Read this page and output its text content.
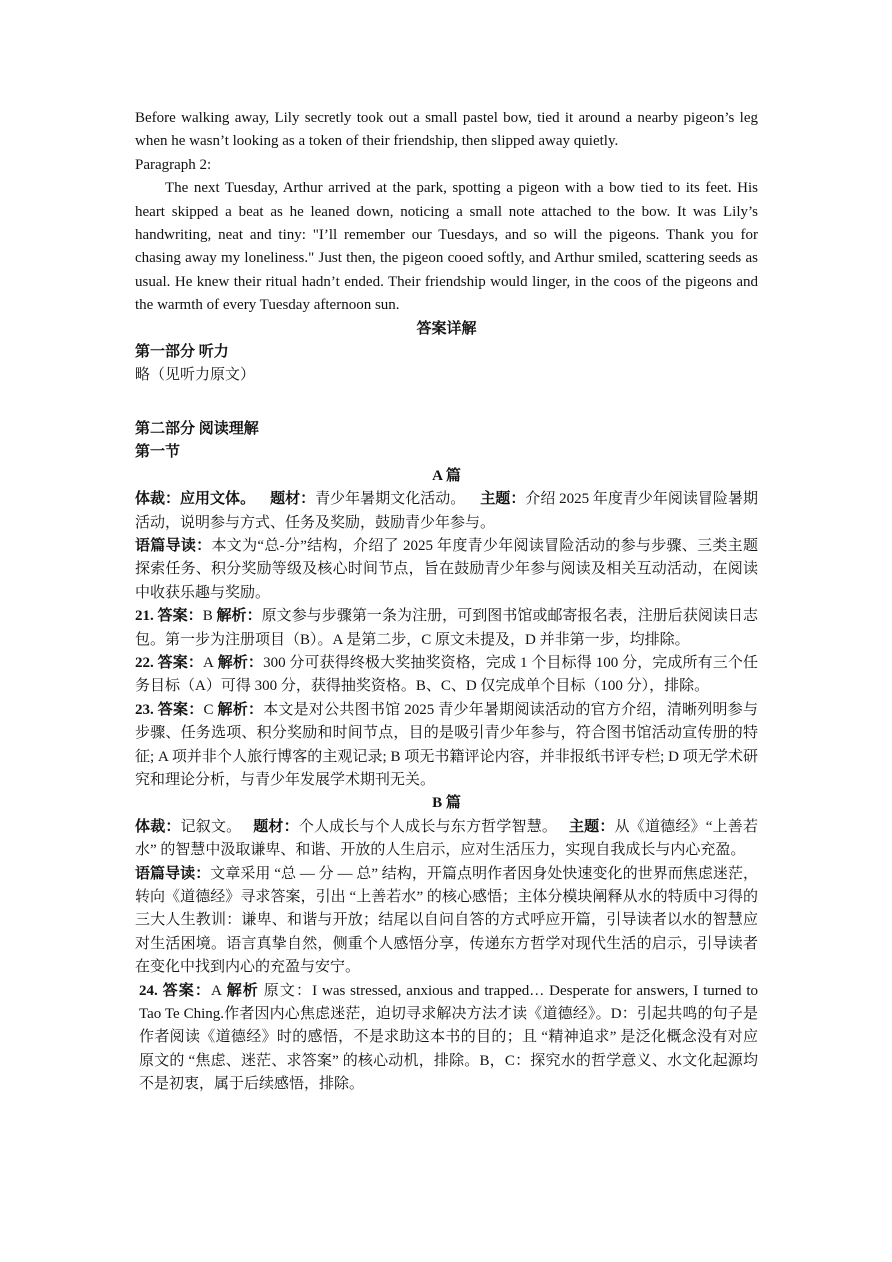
Before walking away, Lily secretly took out a small pastel bow, tied it around a nearby pigeon’s leg when he wasn’t looking as a token of their friendship, then slipped away quietly.

Paragraph 2:

The next Tuesday, Arthur arrived at the park, spotting a pigeon with a bow tied to its feet. His heart skipped a beat as he leaned down, noticing a small note attached to the bow. It was Lily’s handwriting, neat and tiny: "I’ll remember our Tuesdays, and so will the pigeons. Thank you for chasing away my loneliness." Just then, the pigeon cooed softly, and Arthur smiled, scattering seeds as usual. He knew their ritual hadn’t ended. Their friendship would linger, in the coos of the pigeons and the warmth of every Tuesday afternoon sun.

答案详解

第一部分 听力

略（见听力原文）

第二部分 阅读理解

第一节

A 篇

体裁：应用文体。 题材：青少年暑期文化活动。 主题：介绍 2025 年度青少年阅读冒险暑期活动，说明参与方式、任务及奖励，鼓励青少年参与。

语篇导读：本文为“总-分”结构，介绍了 2025 年度青少年阅读冒险活动的参与步骤、三类主题探索任务、积分奖励等级及核心时间节点，旨在鼓励青少年参与阅读及相关互动活动，在阅读中收获乐趣与奖励。

21. 答案：B 解析：原文参与步骤第一条为注册，可到图书馆或邮寄报名表，注册后获阅读日志包。第一步为注册项目（B）。A 是第二步，C 原文未提及，D 并非第一步，均排除。

22. 答案：A 解析：300 分可获得终极大奖抽奖资格，完成 1 个目标得 100 分，完成所有三个任务目标（A）可得 300 分，获得抽奖资格。B、C、D 仅完成单个目标（100 分），排除。

23. 答案：C 解析：本文是对公共图书馆 2025 青少年暑期阅读活动的官方介绍，清晰列明参与步骤、任务选项、积分奖励和时间节点，目的是吸引青少年参与，符合图书馆活动宣传册的特征; A 项并非个人旅行博客的主观记录; B 项无书籍评论内容，并非报纸书评专栏; D 项无学术研究和理论分析，与青少年发展学术期刊无关。

B 篇

体裁：记叙文。 题材：个人成长与个人成长与东方哲学智慧。 主题：从《道德经》“上善若水” 的智慧中汲取谦卑、和谐、开放的人生启示，应对生活压力，实现自我成长与内心充盈。

语篇导读：文章采用 “总 — 分 — 总” 结构，开篇点明作者因身处快速变化的世界而焦虑迷茫，转向《道德经》寻求答案，引出 “上善若水” 的核心感悟；主体分模块阐释从水的特质中习得的三大人生教训：谦卑、和谐与开放；结尾以自问自答的方式呼应开篇，引导读者以水的智慧应对生活困境。语言真挚自然，侧重个人感悟分享，传递东方哲学对现代生活的启示，引导读者在变化中找到内心的充盈与安宁。

24. 答案：A 解析 原文：I was stressed, anxious and trapped… Desperate for answers, I turned to Tao Te Ching.作者因内心焦虑迷茫，迫切寻求解决方法才读《道德经》。D：引起共鸣的句子是作者阅读《道德经》时的感悟，不是求助这本书的目的；且 “精神追求” 是泛化概念没有对应原文的 “焦虑、迷茫、求答案” 的核心动机，排除。B，C：探究水的哲学意义、水文化起源均不是初衷，属于后续感悟，排除。
